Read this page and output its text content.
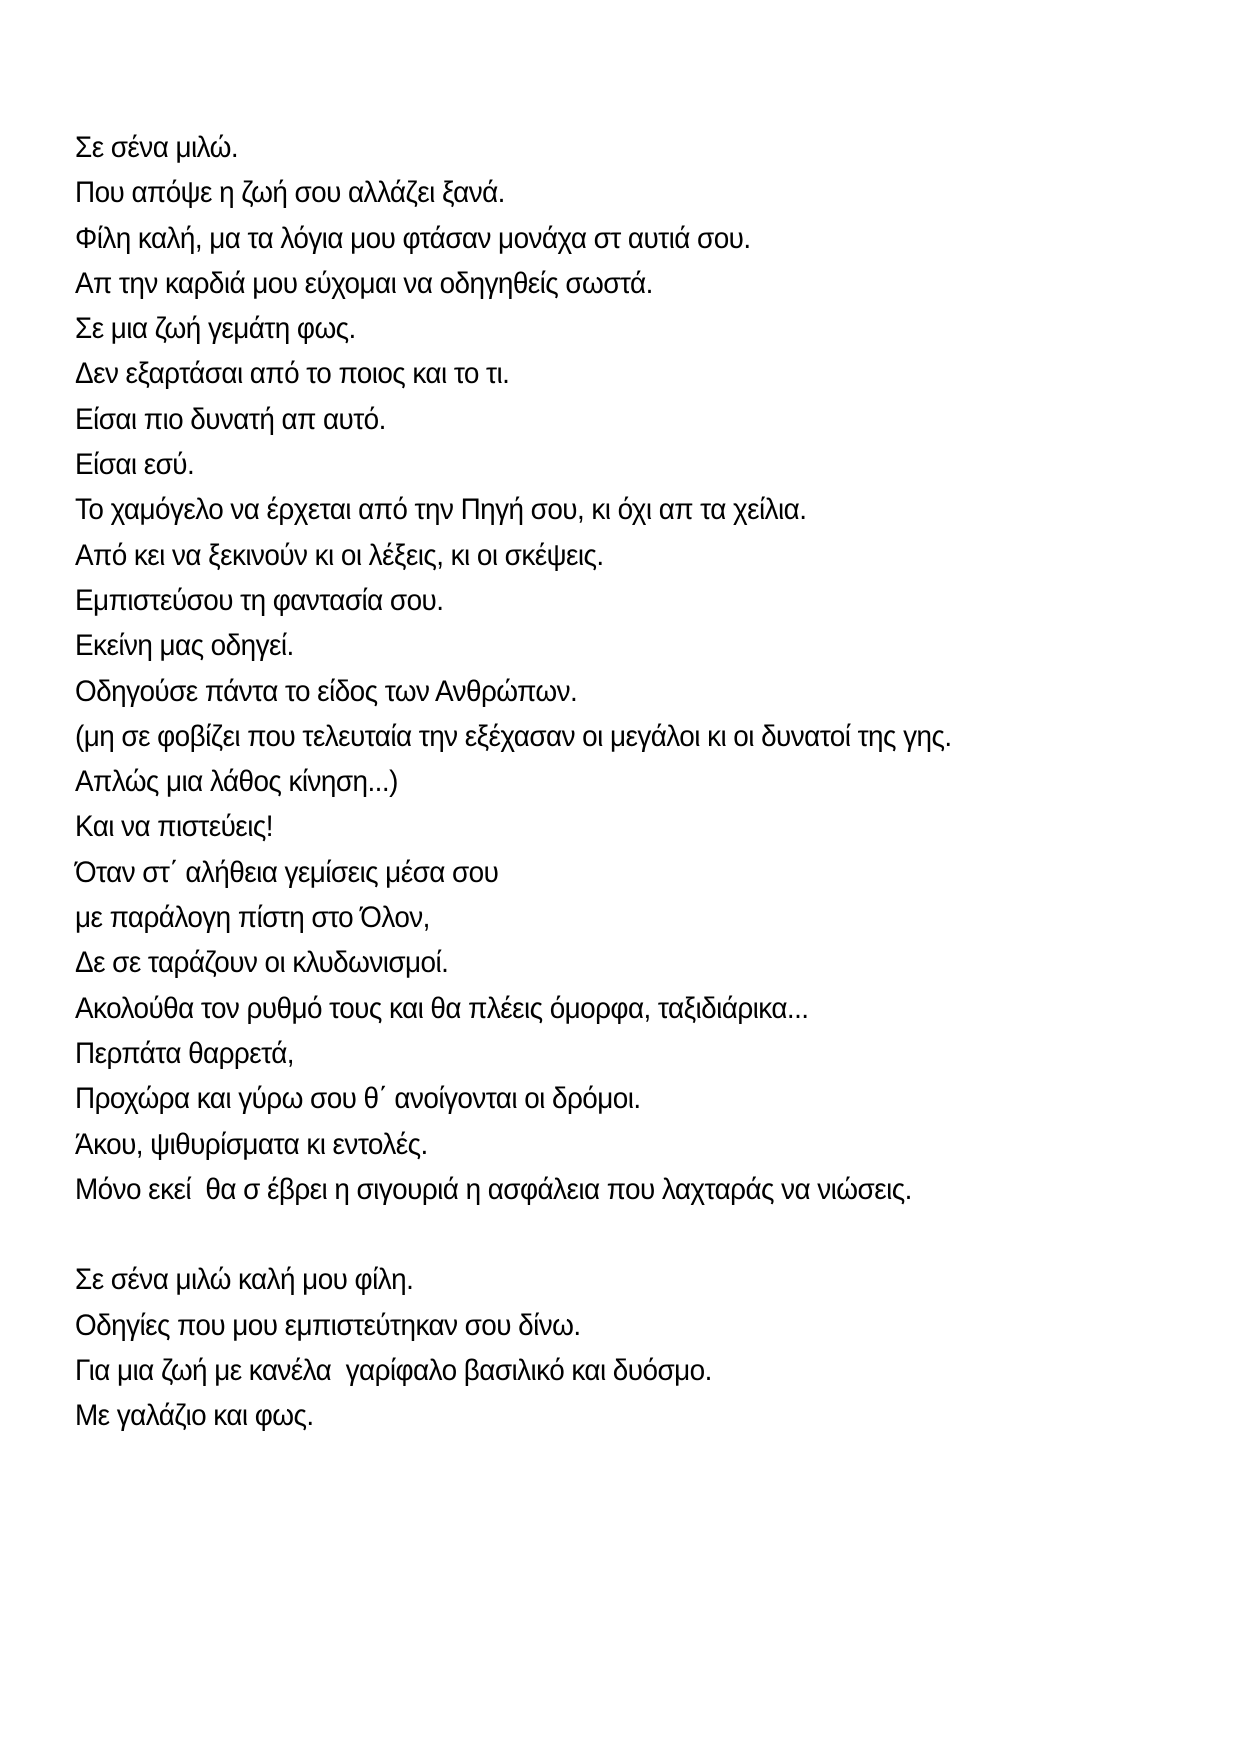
Σε σένα μιλώ.
Που απόψε η ζωή σου αλλάζει ξανά.
Φίλη καλή, μα τα λόγια μου φτάσαν μονάχα στ αυτιά σου.
Απ την καρδιά μου εύχομαι να οδηγηθείς σωστά.
Σε μια ζωή γεμάτη φως.
Δεν εξαρτάσαι από το ποιος και το τι.
Είσαι πιο δυνατή απ αυτό.
Είσαι εσύ.
Το χαμόγελο να έρχεται από την Πηγή σου, κι όχι απ τα χείλια.
Από κει να ξεκινούν κι οι λέξεις, κι οι σκέψεις.
Εμπιστεύσου τη φαντασία σου.
Εκείνη μας οδηγεί.
Οδηγούσε πάντα το είδος των Ανθρώπων.
(μη σε φοβίζει που τελευταία την εξέχασαν οι μεγάλοι κι οι δυνατοί της γης.
Απλώς μια λάθος κίνηση...)
Και να πιστεύεις!
Όταν στ΄ αλήθεια γεμίσεις μέσα σου
με παράλογη πίστη στο Όλον,
Δε σε ταράζουν οι κλυδωνισμοί.
Ακολούθα τον ρυθμό τους και θα πλέεις όμορφα, ταξιδιάρικα...
Περπάτα θαρρετά,
Προχώρα και γύρω σου θ΄ ανοίγονται οι δρόμοι.
Άκου, ψιθυρίσματα κι εντολές.
Μόνο εκεί  θα σ έβρει η σιγουριά η ασφάλεια που λαχταράς να νιώσεις.
Σε σένα μιλώ καλή μου φίλη.
Οδηγίες που μου εμπιστεύτηκαν σου δίνω.
Για μια ζωή με κανέλα  γαρίφαλο βασιλικό και δυόσμο.
Με γαλάζιο και φως.
